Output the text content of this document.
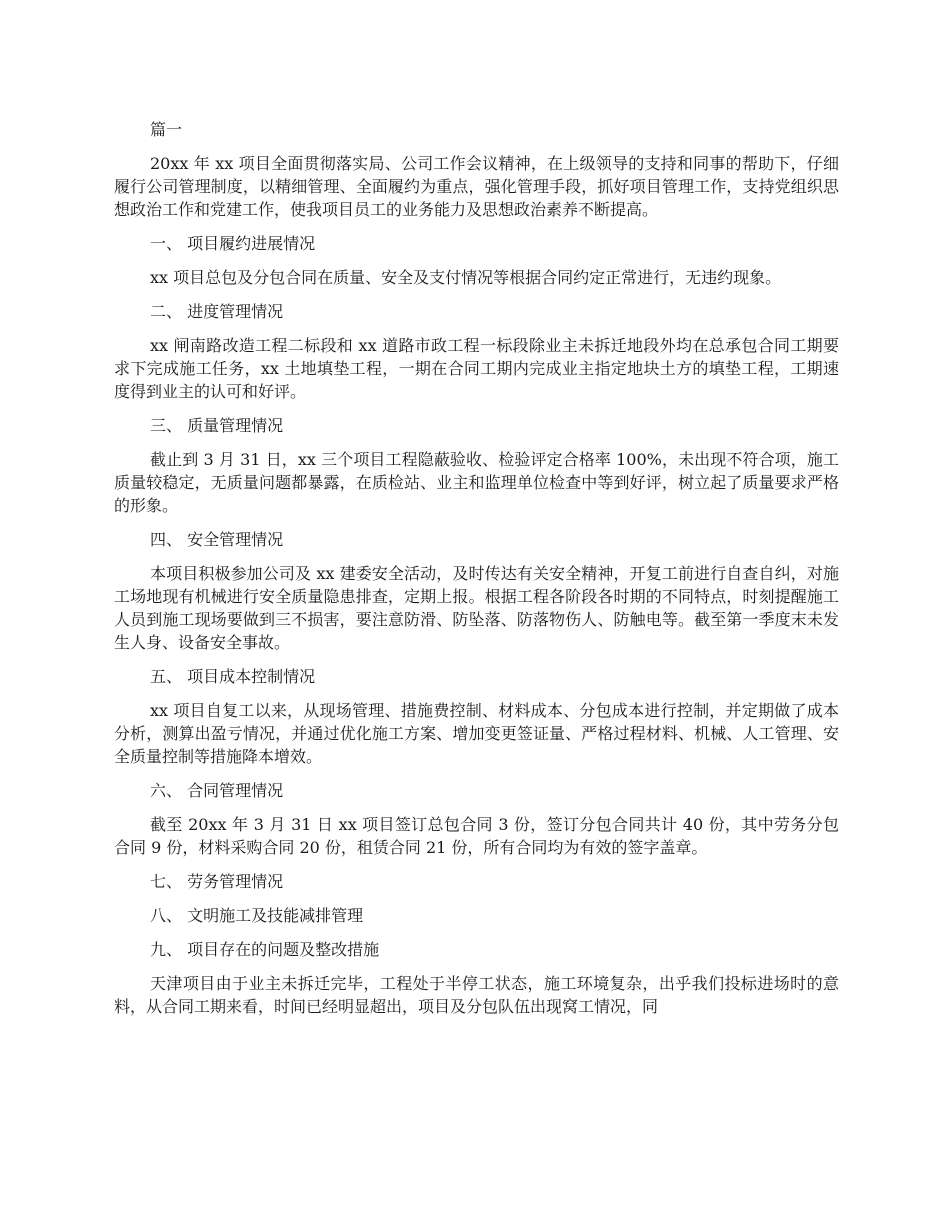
篇一

20xx 年 xx 项目全面贯彻落实局、公司工作会议精神，在上级领导的支持和同事的帮助下，仔细履行公司管理制度，以精细管理、全面履约为重点，强化管理手段，抓好项目管理工作，支持党组织思想政治工作和党建工作，使我项目员工的业务能力及思想政治素养不断提高。

一、 项目履约进展情况

xx 项目总包及分包合同在质量、安全及支付情况等根据合同约定正常进行，无违约现象。

二、 进度管理情况

xx 闸南路改造工程二标段和 xx 道路市政工程一标段除业主未拆迁地段外均在总承包合同工期要求下完成施工任务，xx 土地填垫工程，一期在合同工期内完成业主指定地块土方的填垫工程，工期速度得到业主的认可和好评。

三、 质量管理情况

截止到 3 月 31 日，xx 三个项目工程隐蔽验收、检验评定合格率 100%，未出现不符合项，施工质量较稳定，无质量问题都暴露，在质检站、业主和监理单位检查中等到好评，树立起了质量要求严格的形象。

四、 安全管理情况

本项目积极参加公司及 xx 建委安全活动，及时传达有关安全精神，开复工前进行自查自纠，对施工场地现有机械进行安全质量隐患排查，定期上报。根据工程各阶段各时期的不同特点，时刻提醒施工人员到施工现场要做到三不损害，要注意防滑、防坠落、防落物伤人、防触电等。截至第一季度末未发生人身、设备安全事故。

五、 项目成本控制情况

xx 项目自复工以来，从现场管理、措施费控制、材料成本、分包成本进行控制，并定期做了成本分析，测算出盈亏情况，并通过优化施工方案、增加变更签证量、严格过程材料、机械、人工管理、安全质量控制等措施降本增效。

六、 合同管理情况

截至 20xx 年 3 月 31 日 xx 项目签订总包合同 3 份，签订分包合同共计 40 份，其中劳务分包合同 9 份，材料采购合同 20 份，租赁合同 21 份，所有合同均为有效的签字盖章。

七、 劳务管理情况

八、 文明施工及技能减排管理

九、 项目存在的问题及整改措施

天津项目由于业主未拆迁完毕，工程处于半停工状态，施工环境复杂，出乎我们投标进场时的意料，从合同工期来看，时间已经明显超出，项目及分包队伍出现窝工情况，同
